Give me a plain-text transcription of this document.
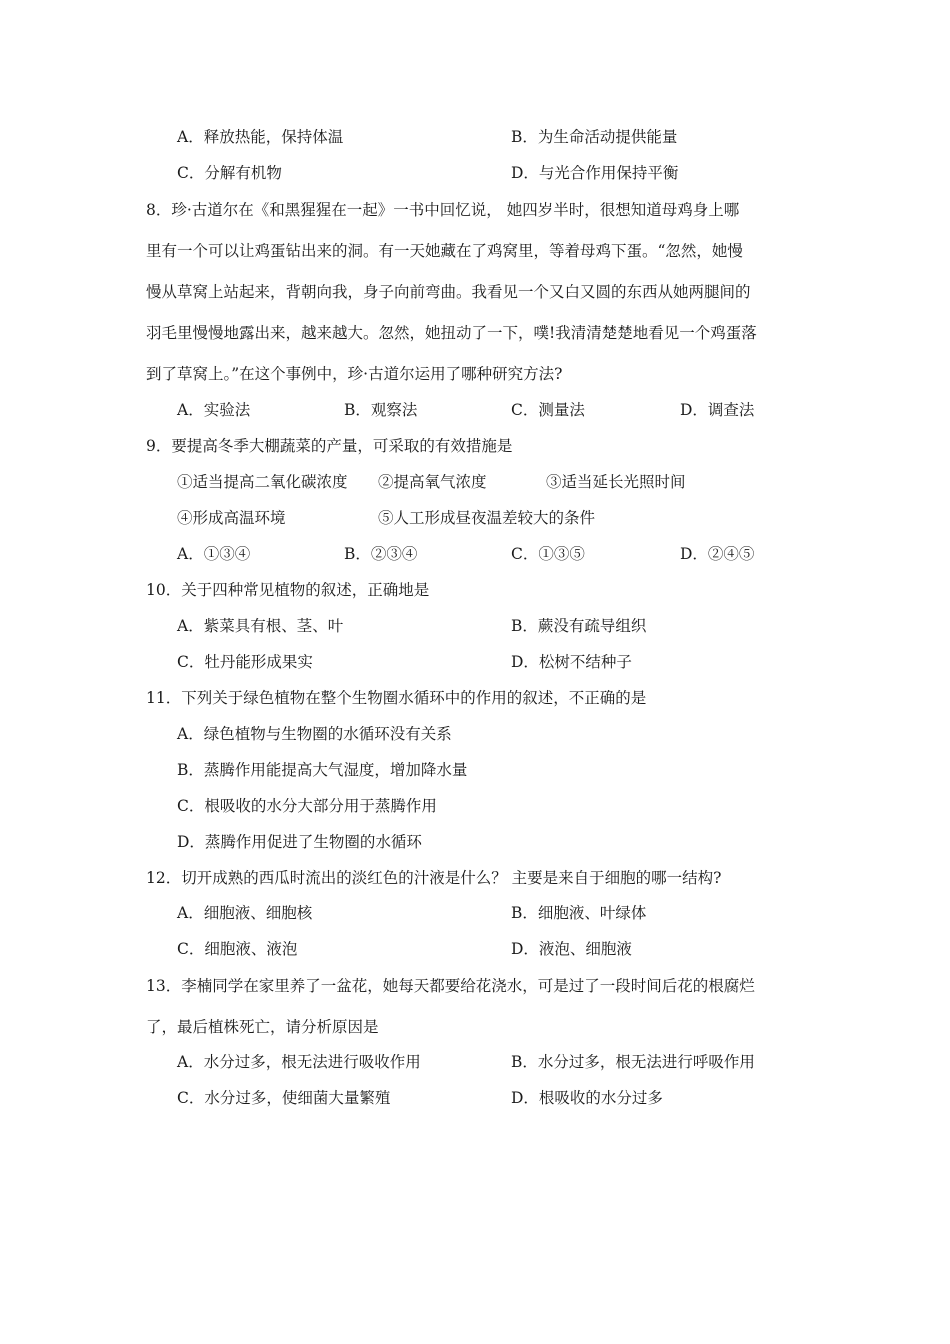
A．释放热能，保持体温	B．为生命活动提供能量
C．分解有机物	D．与光合作用保持平衡
8．珍·古道尔在《和黑猩猩在一起》一书中回忆说， 她四岁半时，很想知道母鸡身上哪
里有一个可以让鸡蛋钻出来的洞。有一天她藏在了鸡窝里，等着母鸡下蛋。“忽然，她慢
慢从草窝上站起来，背朝向我，身子向前弯曲。我看见一个又白又圆的东西从她两腿间的
羽毛里慢慢地露出来，越来越大。忽然，她扭动了一下，噗!我清清楚楚地看见一个鸡蛋落
到了草窝上。”在这个事例中，珍·古道尔运用了哪种研究方法?
A．实验法	B．观察法	C．测量法	D．调查法
9．要提高冬季大棚蔬菜的产量，可采取的有效措施是
①适当提高二氧化碳浓度 ②提高氧气浓度	③适当延长光照时间
④形成高温环境	⑤人工形成昼夜温差较大的条件
A．①③④	B．②③④	C．①③⑤	D．②④⑤
10．关于四种常见植物的叙述，正确地是
A．紫菜具有根、茎、叶	B．蕨没有疏导组织
C．牡丹能形成果实	D．松树不结种子
11．下列关于绿色植物在整个生物圈水循环中的作用的叙述，不正确的是
A．绿色植物与生物圈的水循环没有关系
B．蒸腾作用能提高大气湿度，增加降水量
C．根吸收的水分大部分用于蒸腾作用
D．蒸腾作用促进了生物圈的水循环
12．切开成熟的西瓜时流出的淡红色的汁液是什么？ 主要是来自于细胞的哪一结构?
A．细胞液、细胞核	B．细胞液、叶绿体
C．细胞液、液泡	D．液泡、细胞液
13．李楠同学在家里养了一盆花，她每天都要给花浇水，可是过了一段时间后花的根腐烂
了，最后植株死亡，请分析原因是
A．水分过多，根无法进行吸收作用	B．水分过多，根无法进行呼吸作用
C．水分过多，使细菌大量繁殖	D．根吸收的水分过多
